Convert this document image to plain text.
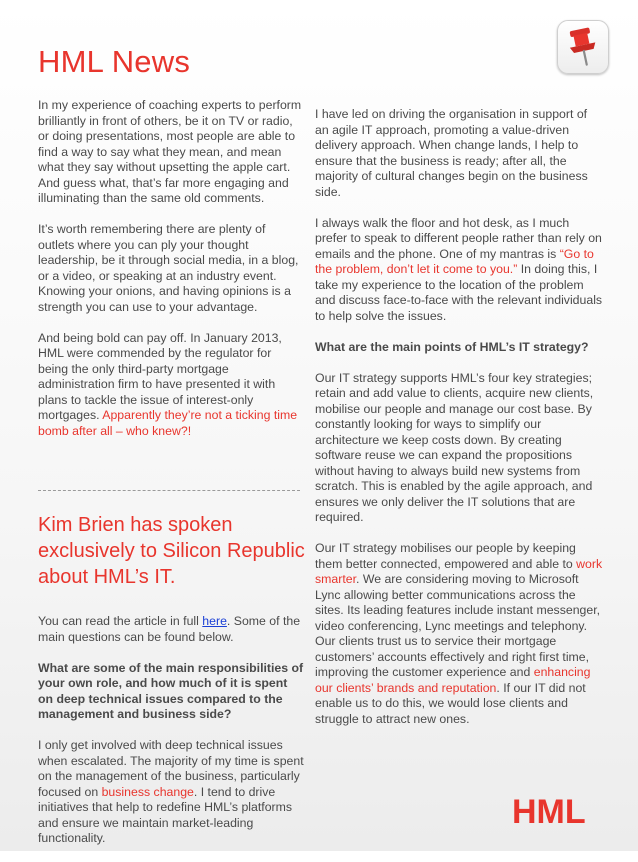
HML News

In my experience of coaching experts to perform brilliantly in front of others, be it on TV or radio, or doing presentations, most people are able to find a way to say what they mean, and mean what they say without upsetting the apple cart. And guess what, that’s far more engaging and illuminating than the same old comments.

It’s worth remembering there are plenty of outlets where you can ply your thought leadership, be it through social media, in a blog, or a video, or speaking at an industry event. Knowing your onions, and having opinions is a strength you can use to your advantage.

And being bold can pay off. In January 2013, HML were commended by the regulator for being the only third-party mortgage administration firm to have presented it with plans to tackle the issue of interest-only mortgages. Apparently they’re not a ticking time bomb after all – who knew?!

Kim Brien has spoken exclusively to Silicon Republic about HML’s IT.

You can read the article in full here. Some of the main questions can be found below.

What are some of the main responsibilities of your own role, and how much of it is spent on deep technical issues compared to the management and business side?

I only get involved with deep technical issues when escalated. The majority of my time is spent on the management of the business, particularly focused on business change. I tend to drive initiatives that help to redefine HML’s platforms and ensure we maintain market-leading functionality.

I have led on driving the organisation in support of an agile IT approach, promoting a value-driven delivery approach. When change lands, I help to ensure that the business is ready; after all, the majority of cultural changes begin on the business side.

I always walk the floor and hot desk, as I much prefer to speak to different people rather than rely on emails and the phone. One of my mantras is “Go to the problem, don’t let it come to you.” In doing this, I take my experience to the location of the problem and discuss face-to-face with the relevant individuals to help solve the issues.

What are the main points of HML’s IT strategy?

Our IT strategy supports HML’s four key strategies; retain and add value to clients, acquire new clients, mobilise our people and manage our cost base. By constantly looking for ways to simplify our architecture we keep costs down. By creating software reuse we can expand the propositions without having to always build new systems from scratch. This is enabled by the agile approach, and ensures we only deliver the IT solutions that are required.

Our IT strategy mobilises our people by keeping them better connected, empowered and able to work smarter. We are considering moving to Microsoft Lync allowing better communications across the sites. Its leading features include instant messenger, video conferencing, Lync meetings and telephony. Our clients trust us to service their mortgage customers’ accounts effectively and right first time, improving the customer experience and enhancing our clients’ brands and reputation. If our IT did not enable us to do this, we would lose clients and struggle to attract new ones.

HML
